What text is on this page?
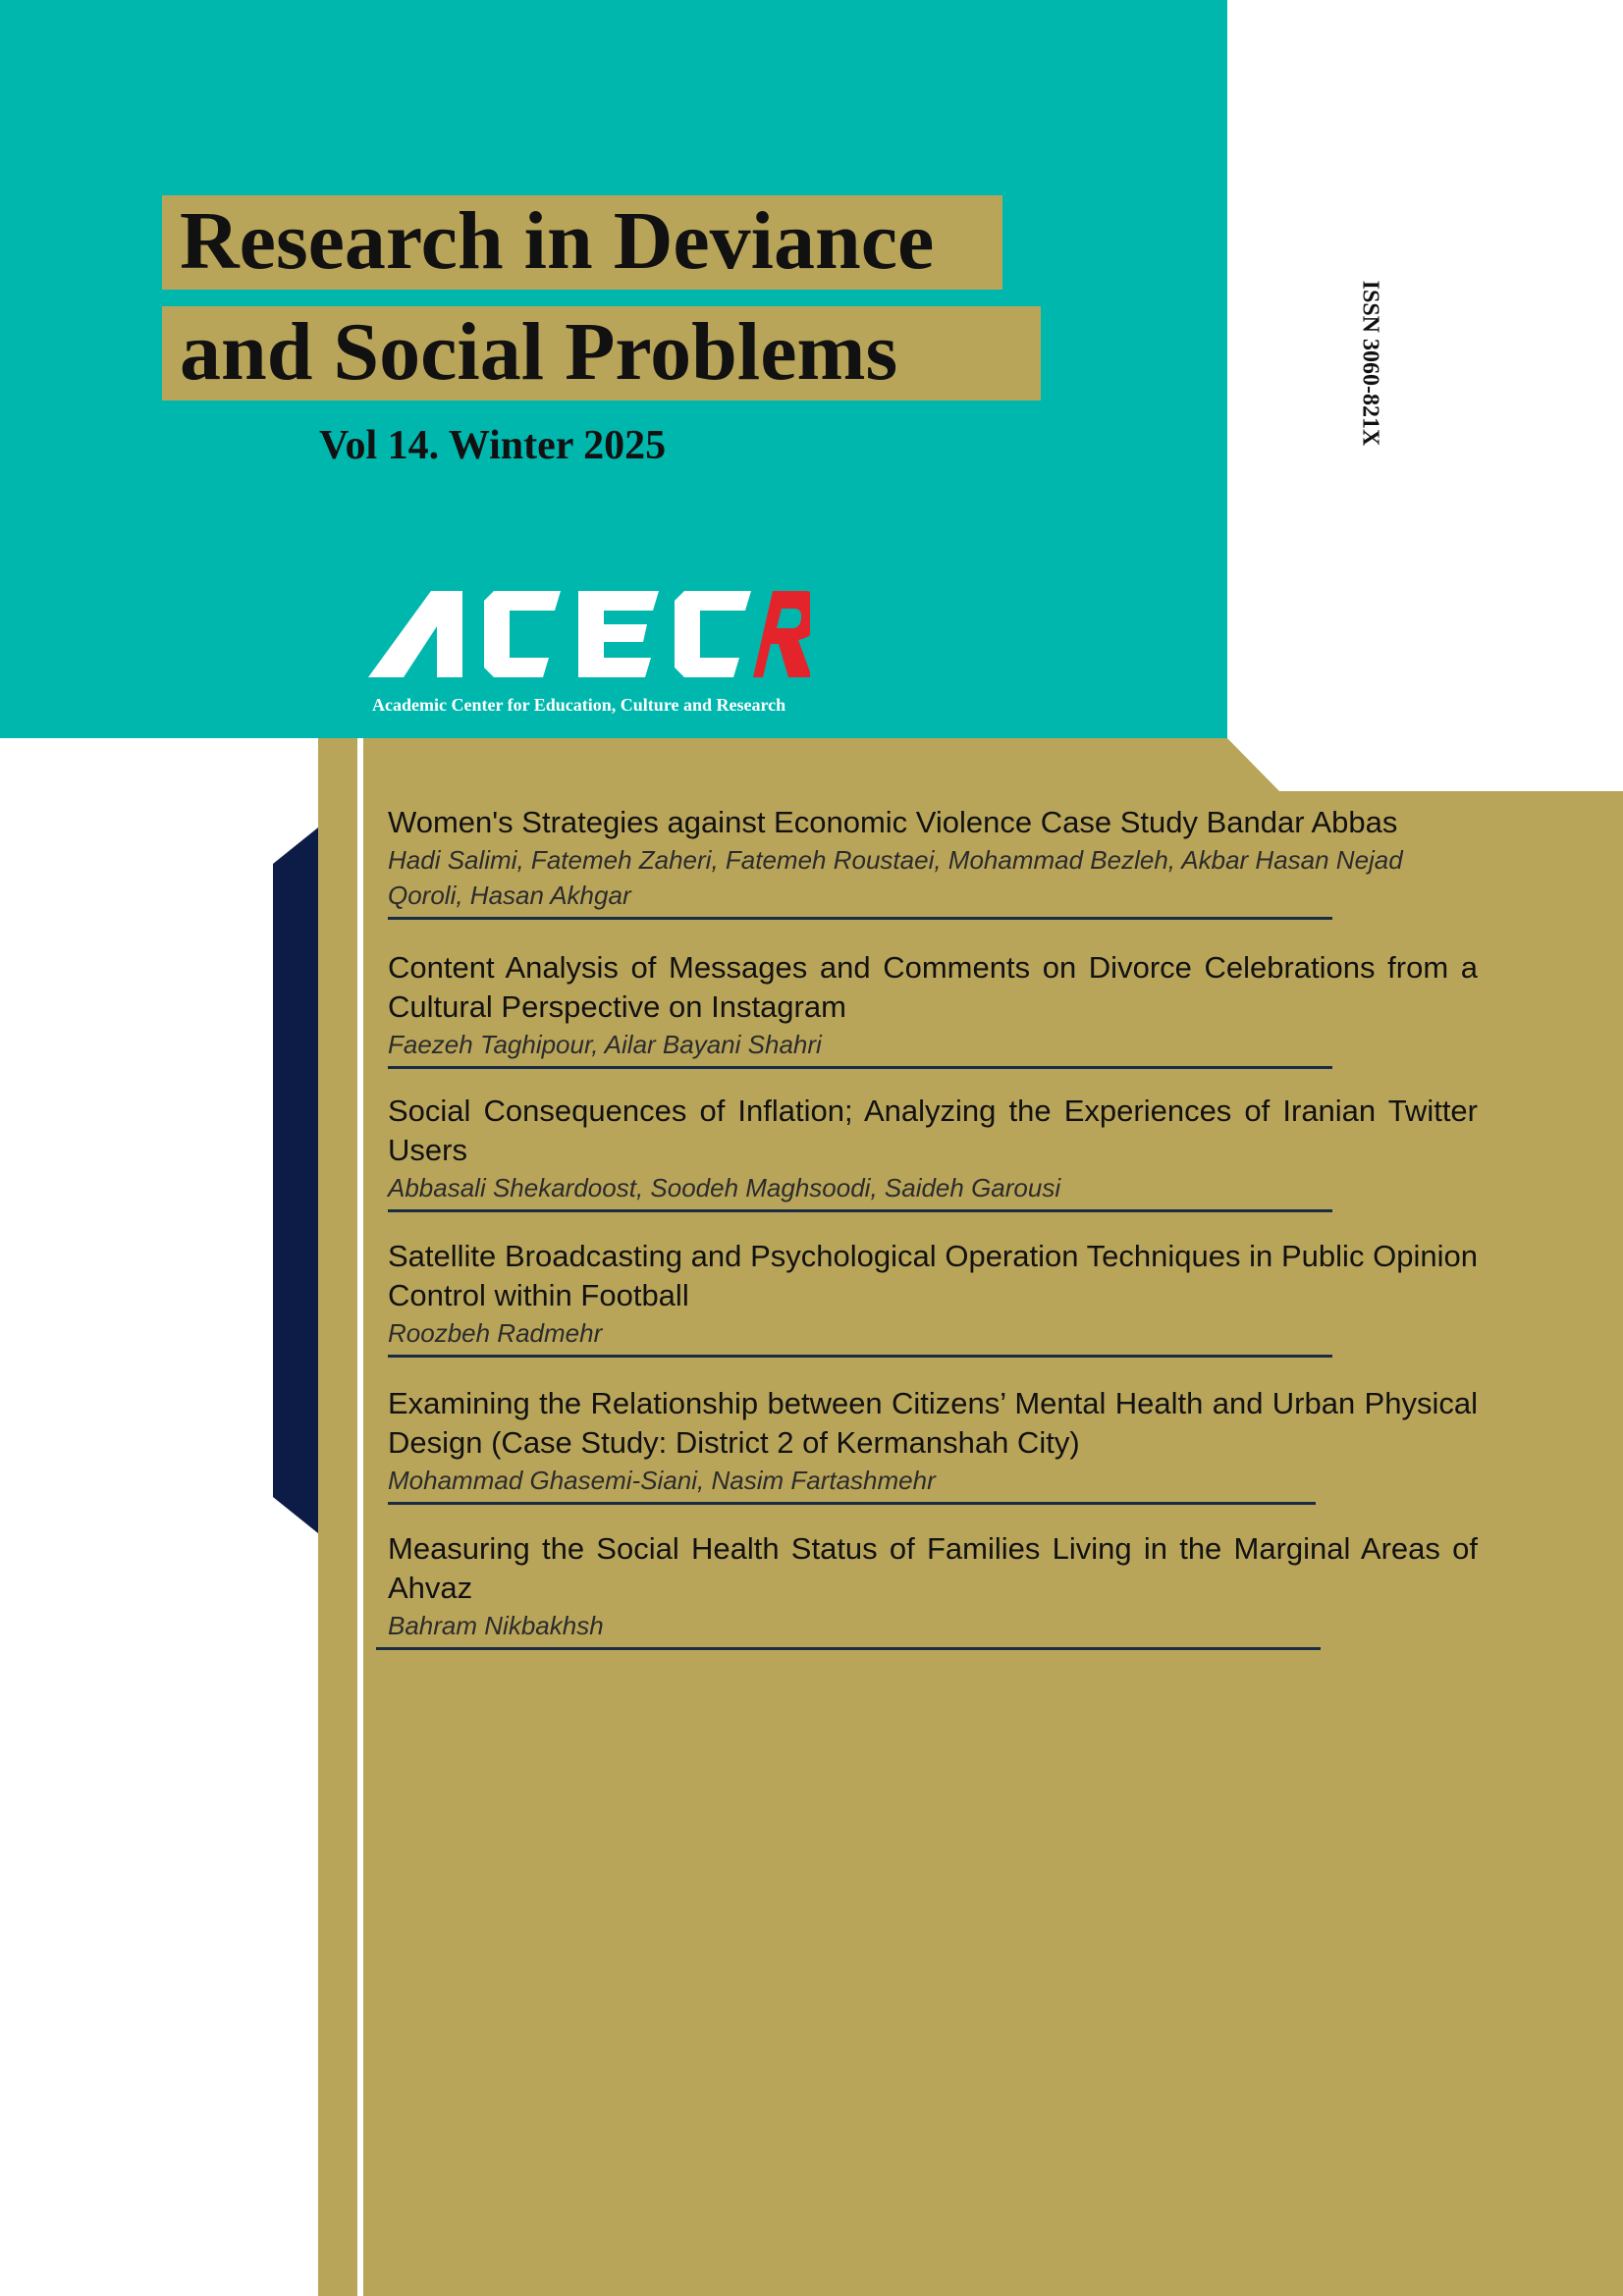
Research in Deviance
and Social Problems
Vol 14. Winter 2025
Academic Center for Education, Culture and Research
ISSN 3060-821X
Women's Strategies against Economic Violence Case Study Bandar Abbas
Hadi Salimi, Fatemeh Zaheri, Fatemeh Roustaei, Mohammad Bezleh, Akbar Hasan Nejad Qoroli, Hasan Akhgar
Content Analysis of Messages and Comments on Divorce Celebrations from a Cultural Perspective on Instagram
Faezeh Taghipour, Ailar Bayani Shahri
Social Consequences of Inflation; Analyzing the Experiences of Iranian Twitter Users
Abbasali Shekardoost, Soodeh Maghsoodi, Saideh Garousi
Satellite Broadcasting and Psychological Operation Techniques in Public Opinion Control within Football
Roozbeh Radmehr
Examining the Relationship between Citizens’ Mental Health and Urban Physical Design (Case Study: District 2 of Kermanshah City)
Mohammad Ghasemi-Siani, Nasim Fartashmehr
Measuring the Social Health Status of Families Living in the Marginal Areas of Ahvaz
Bahram Nikbakhsh
